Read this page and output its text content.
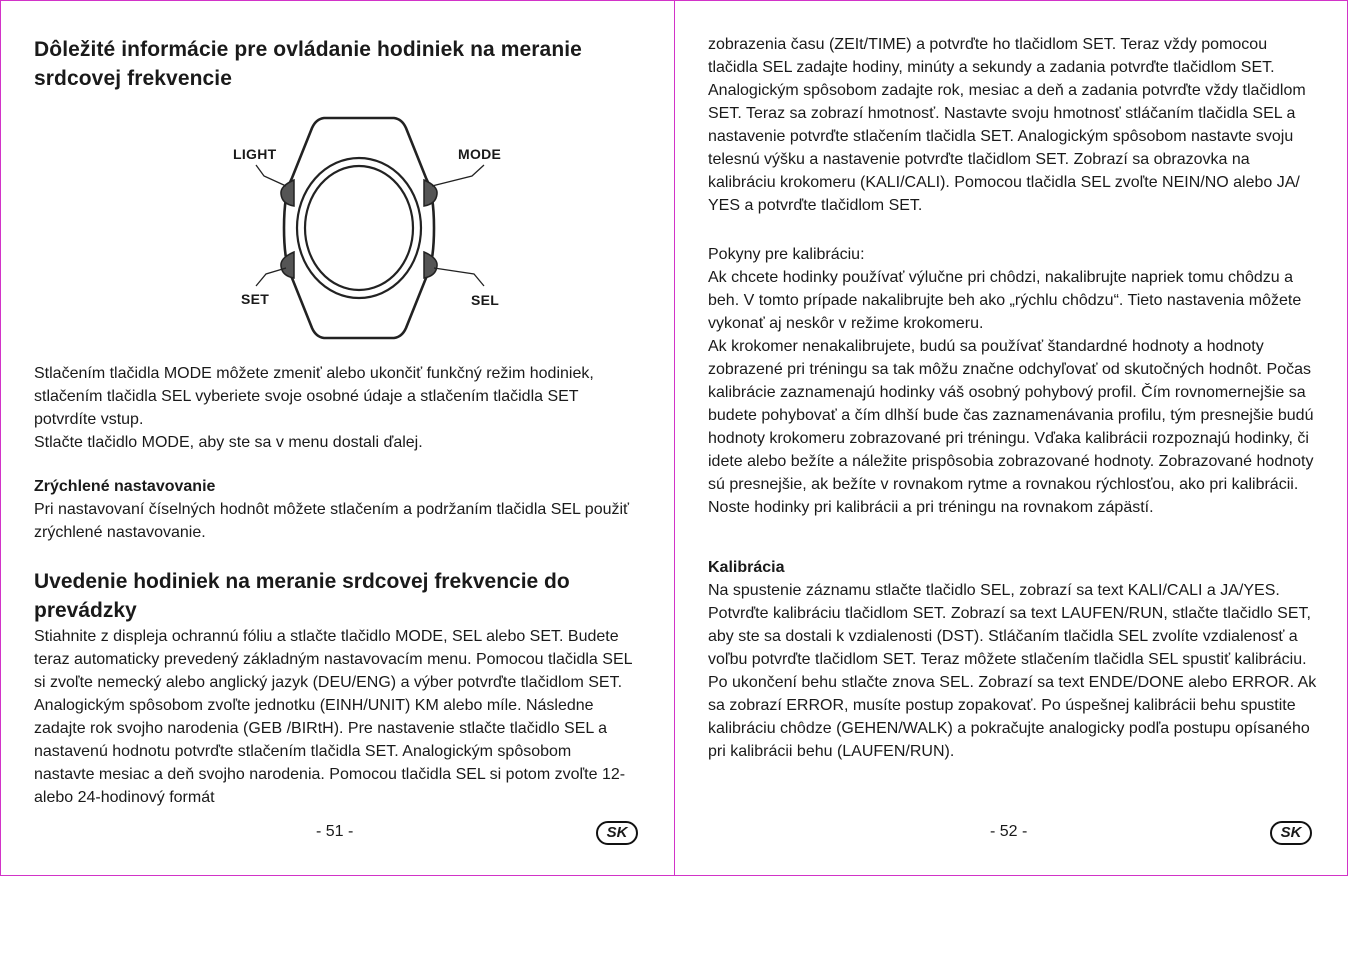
Dôležité informácie pre ovládanie hodiniek na meranie srdcovej frekvencie
LIGHT	MODE
SET	SEL

Stlačením tlačidla MODE môžete zmeniť alebo ukončiť funkčný režim hodiniek, stlačením tlačidla SEL vyberiete svoje osobné údaje a stlačením tlačidla SET potvrdíte vstup.

Stlačte tlačidlo MODE, aby ste sa v menu dostali ďalej.

Zrýchlené nastavovanie

Pri nastavovaní číselných hodnôt môžete stlačením a podržaním tlačidla SEL použiť zrýchlené nastavovanie.

Uvedenie hodiniek na meranie srdcovej frekvencie do prevádzky

Stiahnite z displeja ochrannú fóliu a stlačte tlačidlo MODE, SEL alebo SET. Budete teraz automaticky prevedený základným nastavovacím menu. Pomocou tlačidla SEL si zvoľte nemecký alebo anglický jazyk (DEU/ENG) a výber potvrďte tlačidlom SET. Analogickým spôsobom zvoľte jednotku (EINH/UNIT) KM alebo míle. Následne zadajte rok svojho narodenia (GEB /BIRtH). Pre nastavenie stlačte tlačidlo SEL a nastavenú hodnotu potvrďte stlačením tlačidla SET. Analogickým spôsobom nastavte mesiac a deň svojho narodenia. Pomocou tlačidla SEL si potom zvoľte 12- alebo 24-hodinový formát

- 51 -	SK

zobrazenia času (ZEIt/TIME) a potvrďte ho tlačidlom SET. Teraz vždy pomocou tlačidla SEL zadajte hodiny, minúty a sekundy a zadania potvrďte tlačidlom SET. Analogickým spôsobom zadajte rok, mesiac a deň a zadania potvrďte vždy tlačidlom SET. Teraz sa zobrazí hmotnosť. Nastavte svoju hmotnosť stláčaním tlačidla SEL a nastavenie potvrďte stlačením tlačidla SET. Analogickým spôsobom nastavte svoju telesnú výšku a nastavenie potvrďte tlačidlom SET. Zobrazí sa obrazovka na kalibráciu krokomeru (KALI/CALI). Pomocou tlačidla SEL zvoľte NEIN/NO alebo JA/ YES a potvrďte tlačidlom SET.

Pokyny pre kalibráciu:

Ak chcete hodinky používať výlučne pri chôdzi, nakalibrujte napriek tomu chôdzu a beh. V tomto prípade nakalibrujte beh ako „rýchlu chôdzu“. Tieto nastavenia môžete vykonať aj neskôr v režime krokomeru.

Ak krokomer nenakalibrujete, budú sa používať štandardné hodnoty a hodnoty zobrazené pri tréningu sa tak môžu značne odchyľovať od skutočných hodnôt. Počas kalibrácie zaznamenajú hodinky váš osobný pohybový profil. Čím rovnomernejšie sa budete pohybovať a čím dlhší bude čas zaznamenávania profilu, tým presnejšie budú hodnoty krokomeru zobrazované pri tréningu. Vďaka kalibrácii rozpoznajú hodinky, či idete alebo bežíte a náležite prispôsobia zobrazované hodnoty. Zobrazované hodnoty sú presnejšie, ak bežíte v rovnakom rytme a rovnakou rýchlosťou, ako pri kalibrácii. Noste hodinky pri kalibrácii a pri tréningu na rovnakom zápästí.

Kalibrácia

Na spustenie záznamu stlačte tlačidlo SEL, zobrazí sa text KALI/CALI a JA/YES. Potvrďte kalibráciu tlačidlom SET. Zobrazí sa text LAUFEN/RUN, stlačte tlačidlo SET, aby ste sa dostali k vzdialenosti (DST). Stláčaním tlačidla SEL zvolíte vzdialenosť a voľbu potvrďte tlačidlom SET. Teraz môžete stlačením tlačidla SEL spustiť kalibráciu. Po ukončení behu stlačte znova SEL. Zobrazí sa text ENDE/DONE alebo ERROR. Ak sa zobrazí ERROR, musíte postup zopakovať. Po úspešnej kalibrácii behu spustite kalibráciu chôdze (GEHEN/WALK) a pokračujte analogicky podľa postupu opísaného pri kalibrácii behu (LAUFEN/RUN).

- 52 -	SK
